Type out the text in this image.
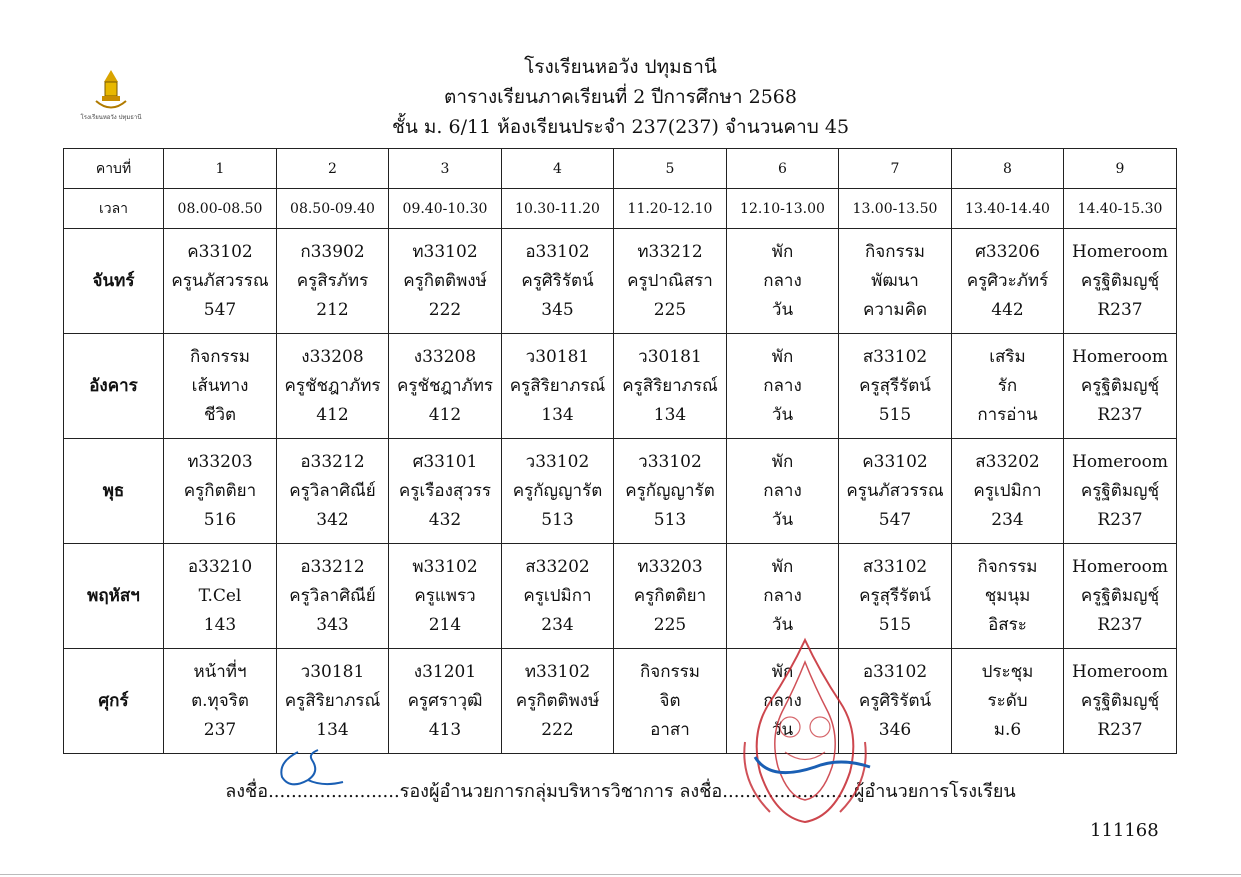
โรงเรียนหอวัง ปทุมธานี
โรงเรียนหอวัง ปทุมธานี
ตารางเรียนภาคเรียนที่ 2 ปีการศึกษา 2568
ชั้น ม. 6/11 ห้องเรียนประจำ 237(237) จำนวนคาบ 45
คาบที่	1	2	3	4	5	6	7	8	9
เวลา	08.00-08.50	08.50-09.40	09.40-10.30	10.30-11.20	11.20-12.10	12.10-13.00	13.00-13.50	13.40-14.40	14.40-15.30
จันทร์	ค33102
ครูนภัสวรรณ
547	ก33902
ครูสิรภัทร
212	ท33102
ครูกิตติพงษ์
222	อ33102
ครูศิริรัตน์
345	ท33212
ครูปาณิสรา
225	พัก
กลาง
วัน	กิจกรรม
พัฒนา
ความคิด	ศ33206
ครูศิวะภัทร์
442	Homeroom
ครูฐิติมญชุ์
R237

อังคาร	กิจกรรม
เส้นทาง
ชีวิต	ง33208
ครูชัชฎาภัทร
412	ง33208
ครูชัชฎาภัทร
412	ว30181
ครูสิริยาภรณ์
134	ว30181
ครูสิริยาภรณ์
134	พัก
กลาง
วัน	ส33102
ครูสุรีรัตน์
515	เสริม
รัก
การอ่าน	Homeroom
ครูฐิติมญชุ์
R237

พุธ	ท33203
ครูกิตติยา
516	อ33212
ครูวิลาศิณีย์
342	ศ33101
ครูเรืองสุวรร
432	ว33102
ครูกัญญารัต
513	ว33102
ครูกัญญารัต
513	พัก
กลาง
วัน	ค33102
ครูนภัสวรรณ
547	ส33202
ครูเปมิกา
234	Homeroom
ครูฐิติมญชุ์
R237

พฤหัสฯ	อ33210
T.Cel
143	อ33212
ครูวิลาศิณีย์
343	พ33102
ครูแพรว
214	ส33202
ครูเปมิกา
234	ท33203
ครูกิตติยา
225	พัก
กลาง
วัน	ส33102
ครูสุรีรัตน์
515	กิจกรรม
ชุมนุม
อิสระ	Homeroom
ครูฐิติมญชุ์
R237

ศุกร์	หน้าที่ฯ
ต.ทุจริต
237	ว30181
ครูสิริยาภรณ์
134	ง31201
ครูศราวุฒิ
413	ท33102
ครูกิตติพงษ์
222	กิจกรรม
จิต
อาสา	พัก
กลาง
วัน	อ33102
ครูศิริรัตน์
346	ประชุม
ระดับ
ม.6	Homeroom
ครูฐิติมญชุ์
R237
ลงชื่อ.......................รองผู้อำนวยการกลุ่มบริหารวิชาการ ลงชื่อ.......................ผู้อำนวยการโรงเรียน
111168
